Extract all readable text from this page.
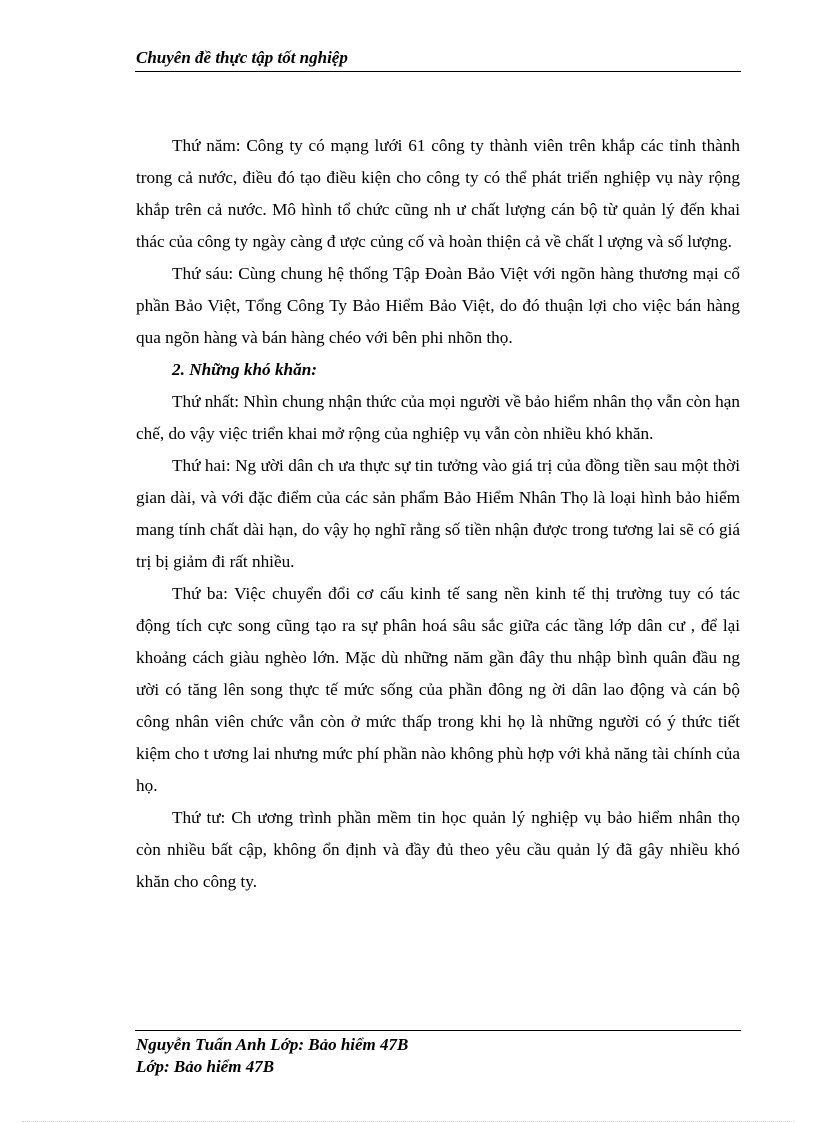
Chuyên đề thực tập tốt nghiệp

Thứ năm: Công ty có mạng lưới 61 công ty thành viên trên khắp các tỉnh thành trong cả nước, điều đó tạo điều kiện cho công ty có thể phát triển nghiệp vụ này rộng khắp trên cả nước. Mô hình tổ chức cũng nh ư chất lượng cán bộ từ quản lý đến khai thác của công ty ngày càng đ ược củng cố và hoàn thiện cả về chất l ượng và số lượng.

Thứ sáu: Cùng chung hệ thống Tập Đoàn Bảo Việt với ngõn hàng thương mại cổ phần Bảo Việt, Tổng Công Ty Bảo Hiểm Bảo Việt, do đó thuận lợi cho việc bán hàng qua ngõn hàng và bán hàng chéo với bên phi nhõn thọ.

2. Những khó khăn:

Thứ nhất: Nhìn chung nhận thức của mọi người về bảo hiểm nhân thọ vẫn còn hạn chế, do vậy việc triển khai mở rộng của nghiệp vụ vẫn còn nhiều khó khăn.

Thứ hai: Ng ười dân ch ưa thực sự tin tưởng vào giá trị của đồng tiền sau một thời gian dài, và với đặc điểm của các sản phẩm Bảo Hiểm Nhân Thọ là loại hình bảo hiểm mang tính chất dài hạn, do vậy họ nghĩ rằng số tiền nhận được trong tương lai sẽ có giá trị bị giảm đi rất nhiều.

Thứ ba: Việc chuyển đổi cơ cấu kinh tế sang nền kinh tế thị trường tuy có tác động tích cực song cũng tạo ra sự phân hoá sâu sắc giữa các tầng lớp dân cư , để lại khoảng cách giàu nghèo lớn. Mặc dù những năm gần đây thu nhập bình quân đầu ng ười có tăng lên song thực tế mức sống của phần đông ng ời dân lao động và cán bộ công nhân viên chức vẫn còn ở mức thấp trong khi họ là những người có ý thức tiết kiệm cho t ương lai nhưng mức phí phần nào không phù hợp với khả năng tài chính của họ.

Thứ tư: Ch ương trình phần mềm tin học quản lý nghiệp vụ bảo hiểm nhân thọ còn nhiều bất cập, không ổn định và đầy đủ theo yêu cầu quản lý đã gây nhiều khó khăn cho công ty.

Nguyễn Tuấn Anh Lớp: Bảo hiểm 47B
Lớp: Bảo hiểm 47B
